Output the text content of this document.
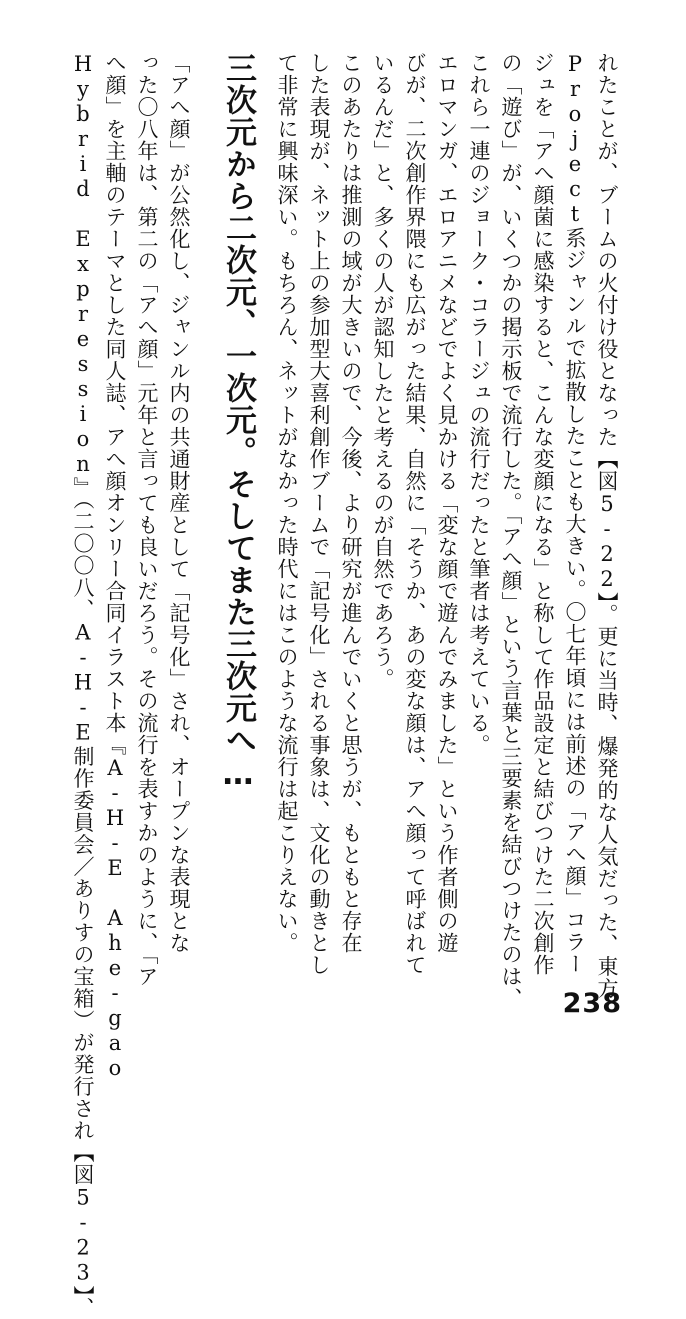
れたことが、ブームの火付け役となった【図5-22】。更に当時、爆発的な人気だった、東方
Project系ジャンルで拡散したことも大きい。〇七年頃には前述の「アへ顔」コラー
ジュを「アへ顔菌に感染すると、こんな変顔になる」と称して作品設定と結びつけた二次創作
の「遊び」が、いくつかの掲示板で流行した。「アへ顔」という言葉と三要素を結びつけたのは、
これら一連のジョーク・コラージュの流行だったと筆者は考えている。
エロマンガ、エロアニメなどでよく見かける「変な顔で遊んでみました」という作者側の遊
びが、二次創作界隈にも広がった結果、自然に「そうか、あの変な顔は、アへ顔って呼ばれて
いるんだ」と、多くの人が認知したと考えるのが自然であろう。
このあたりは推測の域が大きいので、今後、より研究が進んでいくと思うが、もともと存在
した表現が、ネット上の参加型大喜利創作ブームで「記号化」される事象は、文化の動きとし
て非常に興味深い。もちろん、ネットがなかった時代にはこのような流行は起こりえない。
三次元から二次元、一次元。そしてまた三次元へ…
「アへ顔」が公然化し、ジャンル内の共通財産として「記号化」され、オープンな表現とな
った〇八年は、第二の「アへ顔」元年と言っても良いだろう。その流行を表すかのように、「ア
へ顔」を主軸のテーマとした同人誌、アへ顔オンリー合同イラスト本『A-H-E Ahe-gao
Hybrid Expression』（二〇〇八、A-H-E制作委員会／ありすの宝箱）が発行され【図5-23】、	238
